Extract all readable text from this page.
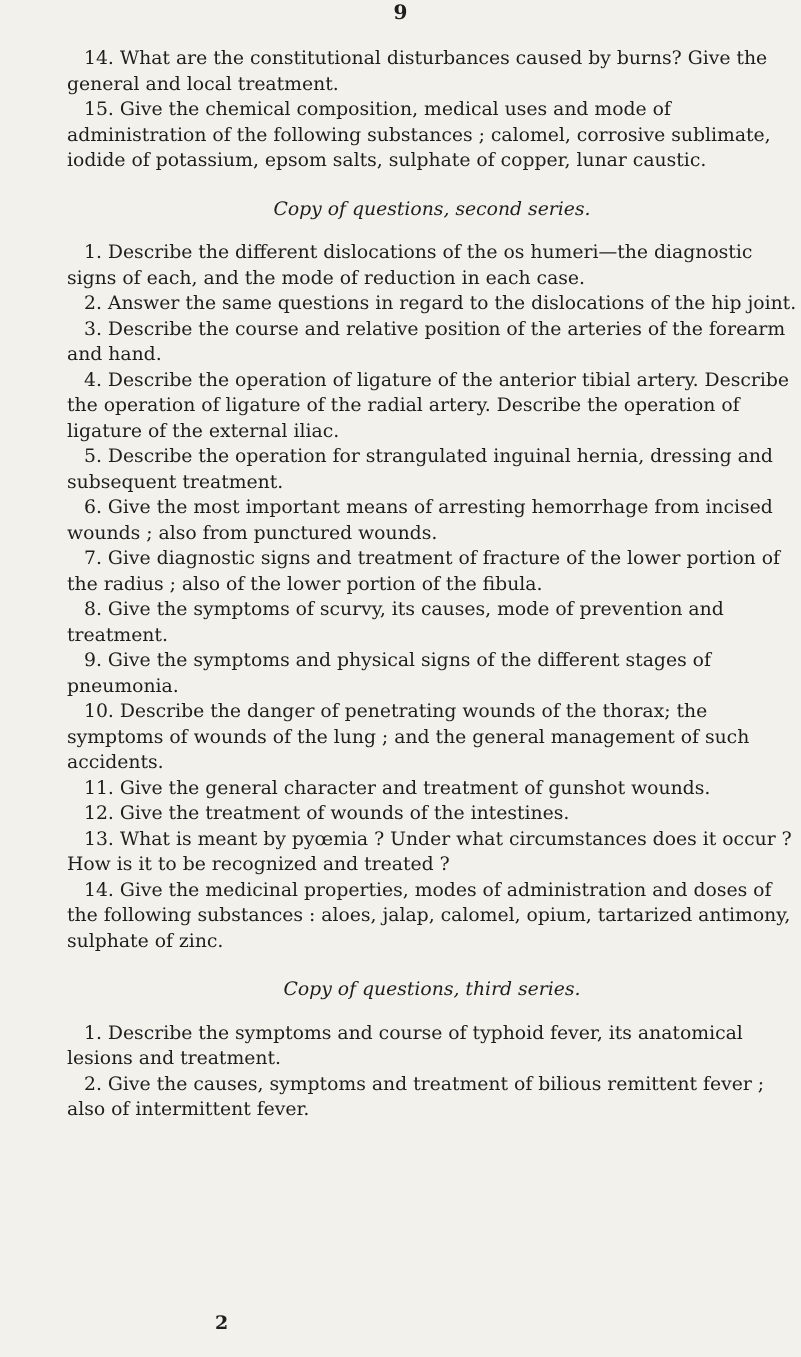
9

14. What are the constitutional disturbances caused by burns? Give the general and local treatment.

15. Give the chemical composition, medical uses and mode of administration of the following substances ; calomel, corrosive sublimate, iodide of potassium, epsom salts, sulphate of copper, lunar caustic.

Copy of questions, second series.

1. Describe the different dislocations of the os humeri—the diagnostic signs of each, and the mode of reduction in each case.

2. Answer the same questions in regard to the dislocations of the hip joint.

3. Describe the course and relative position of the arteries of the forearm and hand.

4. Describe the operation of ligature of the anterior tibial artery. Describe the operation of ligature of the radial artery. Describe the operation of ligature of the external iliac.

5. Describe the operation for strangulated inguinal hernia, dressing and subsequent treatment.

6. Give the most important means of arresting hemorrhage from incised wounds ; also from punctured wounds.

7. Give diagnostic signs and treatment of fracture of the lower portion of the radius ; also of the lower portion of the fibula.

8. Give the symptoms of scurvy, its causes, mode of prevention and treatment.

9. Give the symptoms and physical signs of the different stages of pneumonia.

10. Describe the danger of penetrating wounds of the thorax; the symptoms of wounds of the lung ; and the general management of such accidents.

11. Give the general character and treatment of gunshot wounds.

12. Give the treatment of wounds of the intestines.

13. What is meant by pyœmia ? Under what circumstances does it occur ? How is it to be recognized and treated ?

14. Give the medicinal properties, modes of administration and doses of the following substances : aloes, jalap, calomel, opium, tartarized antimony, sulphate of zinc.

Copy of questions, third series.

1. Describe the symptoms and course of typhoid fever, its anatomical lesions and treatment.

2. Give the causes, symptoms and treatment of bilious remittent fever ; also of intermittent fever.

2
